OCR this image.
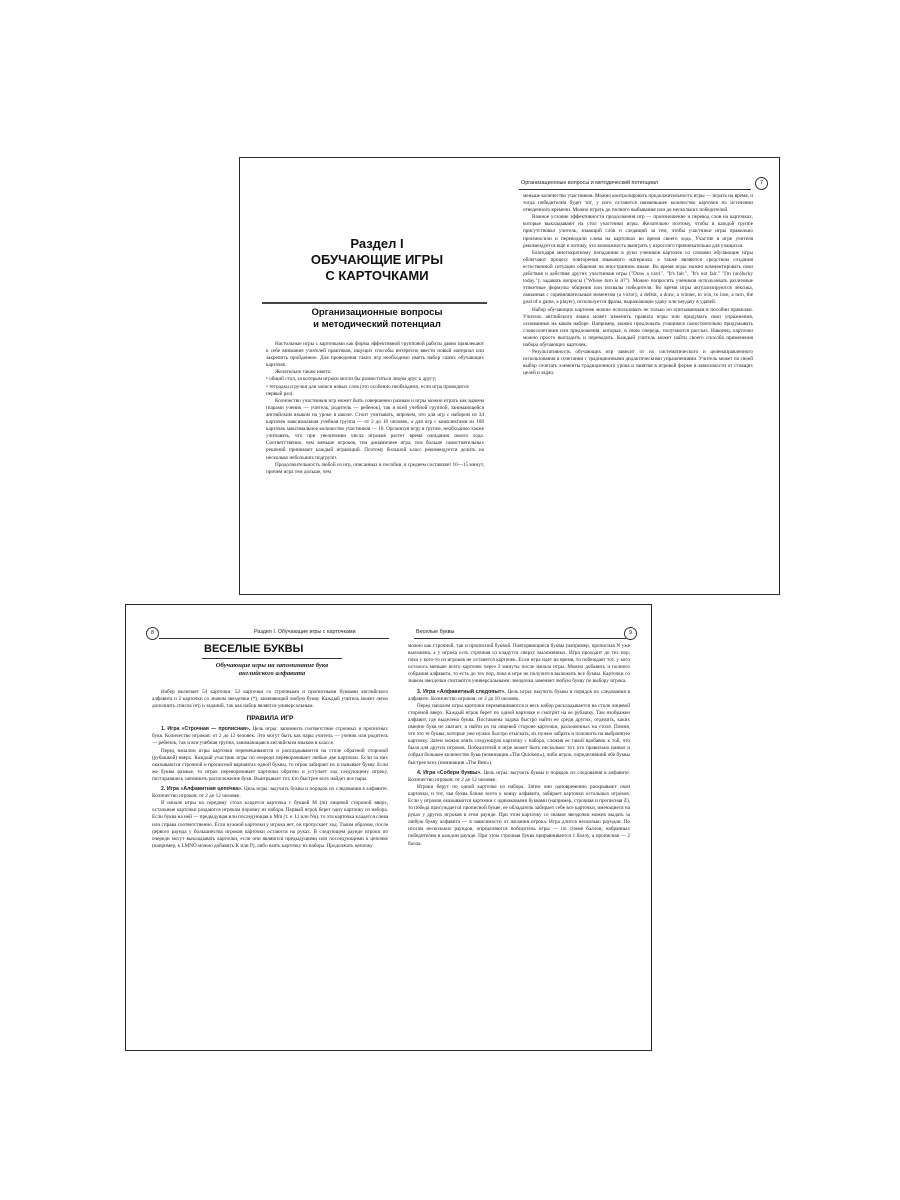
Раздел I

ОБУЧАЮЩИЕ ИГРЫ

С КАРТОЧКАМИ

Организационные вопросы

и методический потенциал

Настольные игры с карточками как форма эффективной групповой работы давно привлекают к себе внимание учителей практиков, ищущих способы интересно ввести новый материал или закрепить пройденное. Для проведения таких игр необходимо иметь набор самих обучающих карточек.

Желательно также иметь:

• общий стол, за которым игроки могли бы разместиться лицом друг к другу;

• тетрадки и ручки для записи новых слов (это особенно необходимо, если игра проводится первый раз).

Количество участников игр может быть совершенно разным и игры можно играть как вдвоем (парами ученик — учитель, родитель — ребенок), так и всей учебной группой, занимающейся английским языком на уроке в школе. Стоит учитывать, впрочем, что для игр с набором из 34 карточек максимальная учебная группа — от 2 до 10 человек, а для игр с комплектами из 108 карточек максимальное количество участников — 18. Организуя игру в группе, необходимо также учитывать, что при увеличении числа игроков растет время ожидания своего хода. Соответственно, чем меньше игроков, тем динамичнее игра, тем больше самостоятельных решений принимает каждый играющий. Поэтому большой класс рекомендуется делить на несколько небольших подгрупп.

Продолжительность любой из игр, описанных в пособии, в среднем составляет 10—15 минут, причем игра тем дольше, чем

Организационные вопросы и методический потенциал	7

меньше количество участников. Можно контролировать продолжительность игры — играть на время, и тогда победителем будет тот, у кого останется наименьшее количество карточек по истечении отведенного времени. Можно играть до полного выбывания или до нескольких победителей.

Важное условие эффективности продолжения игр — произношение и перевод слов на карточках, которые выкладывают на стол участники игры. Желательно поэтому, чтобы в каждой группе присутствовал учитель, знающий слов и следящий за тем, чтобы участники игры правильно произносили и переводили слова на карточках во время своего хода. Участие в игре учителя рекомендуется еще и потому, что возможность выиграть у взрослого привлекательна для учащихся.

Благодаря многократному попаданию в руки учеников карточек со словами обучающие игры облегчают процесс повторения языкового материала, а также являются средством создания естественной ситуации общения на иностранном языке. Во время игры можно комментировать свои действия и действия других участников игры ("Draw a card.", "It's fair.", "It's not fair." "I'm (un)lucky today."), задавать вопросы ("Whose turn is it?"). Можно попросить учеников использовать различные этикетные формулы общения или похвалы победителя. Во время игры актуализируются лексика, связанная с соревновательным моментом (a victory, a defeat, a draw, a winner, to win, to lose, a turn, the goal of a game, a player), используется фразы, выражающие удачу или неудачу в удачей.

Набор обучающих карточек можно использовать не только по описываемым в пособии правилам. Учитель английского языка может изменить правила игры или придумать свои упражнения, основанные на каком наборе. Например, можно предложить учащимся самостоятельно придумывать словосочетания или предложения, которые, в свою очередь, получаются рассказ. Наконец, карточки можно просто выгладить и переводить. Каждый учитель может найти своего способа применения набора обучающих карточек.

Результативность обучающих игр зависит от их систематического и целенаправленного использования в сочетании с традиционными дидактическими упражнениями. Учитель может по своей выбор сочетать элементы традиционного урока и занятия в игровой форме в зависимости от стоящих целей и задач.

8	Раздел I. Обучающие игры с карточками

ВЕСЕЛЫЕ БУКВЫ

Обучающие игры на запоминание букв

английского алфавита

Набор включает 54 карточки: 52 карточки со строчными и прописными буквами английского алфавита и 2 карточки со знаком звездочки (*), заменяющей любую букву. Каждый учитель может легко дополнить список игр и заданий, так как набор является универсальным.

ПРАВИЛА ИГР

1. Игра «Строчная — прописная». Цель игры: запомнить соответствие строчных и прописных букв. Количество игроков: от 2 до 12 человек. Это могут быть как пары учитель — ученик или родитель — ребенок, так и вся учебная группа, занимающаяся английским языком в классе.

Перед началом игры карточки перемешиваются и раскладываются на столе обратной стороной (рубашкой) вверх. Каждый участник игры по очереди переворачивает любые две карточки. Если за них оказываются строчной и прописной вариантах одной буквы, то игрок забирает их и называет букву. Если же буквы разные, то игрок переворачивает карточки обратно и уступает ход следующему игроку, постаравшись запомнить расположение букв. Выигрывает тот, кто быстрее всех найдет все пары.

2. Игра «Алфавитная цепочка». Цель игры: выучить буквы и порядок их следования в алфавите. Количество игроков: от 2 до 12 человек.

В начале игры на середину стола кладется карточка с буквой M (m) лицевой стороной вверх, остальные карточки раздаются игрокам поровну из набора. Первый игрок берет одну карточку из набора. Если буква на ней — предыдущая или последующая к Mm (т. е. Ll или Nn), то эта карточка кладется слева или справа соответственно. Если нужной карточки у игрока нет, он пропускает ход. Таким образом, после первого раунда у большинства игроков карточки остаются на руках. В следующем раунде игроки по очереди могут выкладывать карточки, если они являются предыдущими или последующими к цепочке (например, к LMNO можно добавить K или P), либо взять карточку из набора. Продолжать цепочку

Веселые буквы	9

можно как строчной, так и прописной буквой. Повторяющиеся буквы (например, прописная N уже выложена, а у игрока есть строчная n) кладутся сверху выложенных. Игра проходит до тех пор, пока у кого-то из игроков не останется карточек. Если игра идет на время, то побеждает тот, у кого осталось меньше всего карточек через 3 минуты после начала игры. Можно добавить и полного собрания алфавита, то есть до тех пор, пока в игре не получится выложить все буквы. Карточки со знаком звездочки считаются универсальными: звездочка заменяет любую букву по выбору игрока.

3. Игра «Алфавитный следопыт». Цель игры: выучить буквы и порядок их следования в алфавите. Количество игроков: от 2 до 10 человек.

Перед началом игры карточки перемешиваются и весь набор раскладывается на столе лицевой стороной вверх. Каждый игрок берет по одной карточке и смотрит на ее рубашку. Там изображен алфавит, где выделена буква. Поставлена задача быстро найти ее среди других, отделить, каких именно букв не хватает, и найти их на лицевой стороне карточки, разложенных на столе. Помня, что это те буквы, которые уже нужно быстро отыскать, их нужно забрать и положить на выбранную карточку. Затем можно взять следующую карточку с набора, сложив ее такой вдобавок к той, что была для других игроков. Победителей в игре может быть несколько: тот, кто правильно назвал и собрал большее количество букв (номинация «The Quickest»), либо игрок, определивший обе буквы быстрее всех (номинация «The Best»).

4. Игра «Собери буквы». Цель игры: выучить буквы и порядок их следования в алфавите. Количество игроков: от 2 до 12 человек.

Игроки берут по одной карточке из набора. Затем они одновременно раскрывают свои карточки, и тот, чья буква ближе всего к концу алфавита, забирает карточки остальных игроков. Если у игроков оказываются карточки с одинаковыми буквами (например, строчная и прописная Z), то победа присуждается прописной букве, ее обладатель забирает себе все карточки, имеющиеся на руках у других игроков в этом раунде. При этом карточку со знаком звездочки можно выдать за любую букву алфавита — в зависимости от желания игрока. Игра длится несколько раундов. По итогам нескольких раундов, определяются победитель игры — по сумме баллов, набранных победителем в каждом раунде. При этом строчная буква приравнивается 1 баллу, а прописная — 2 балла.
